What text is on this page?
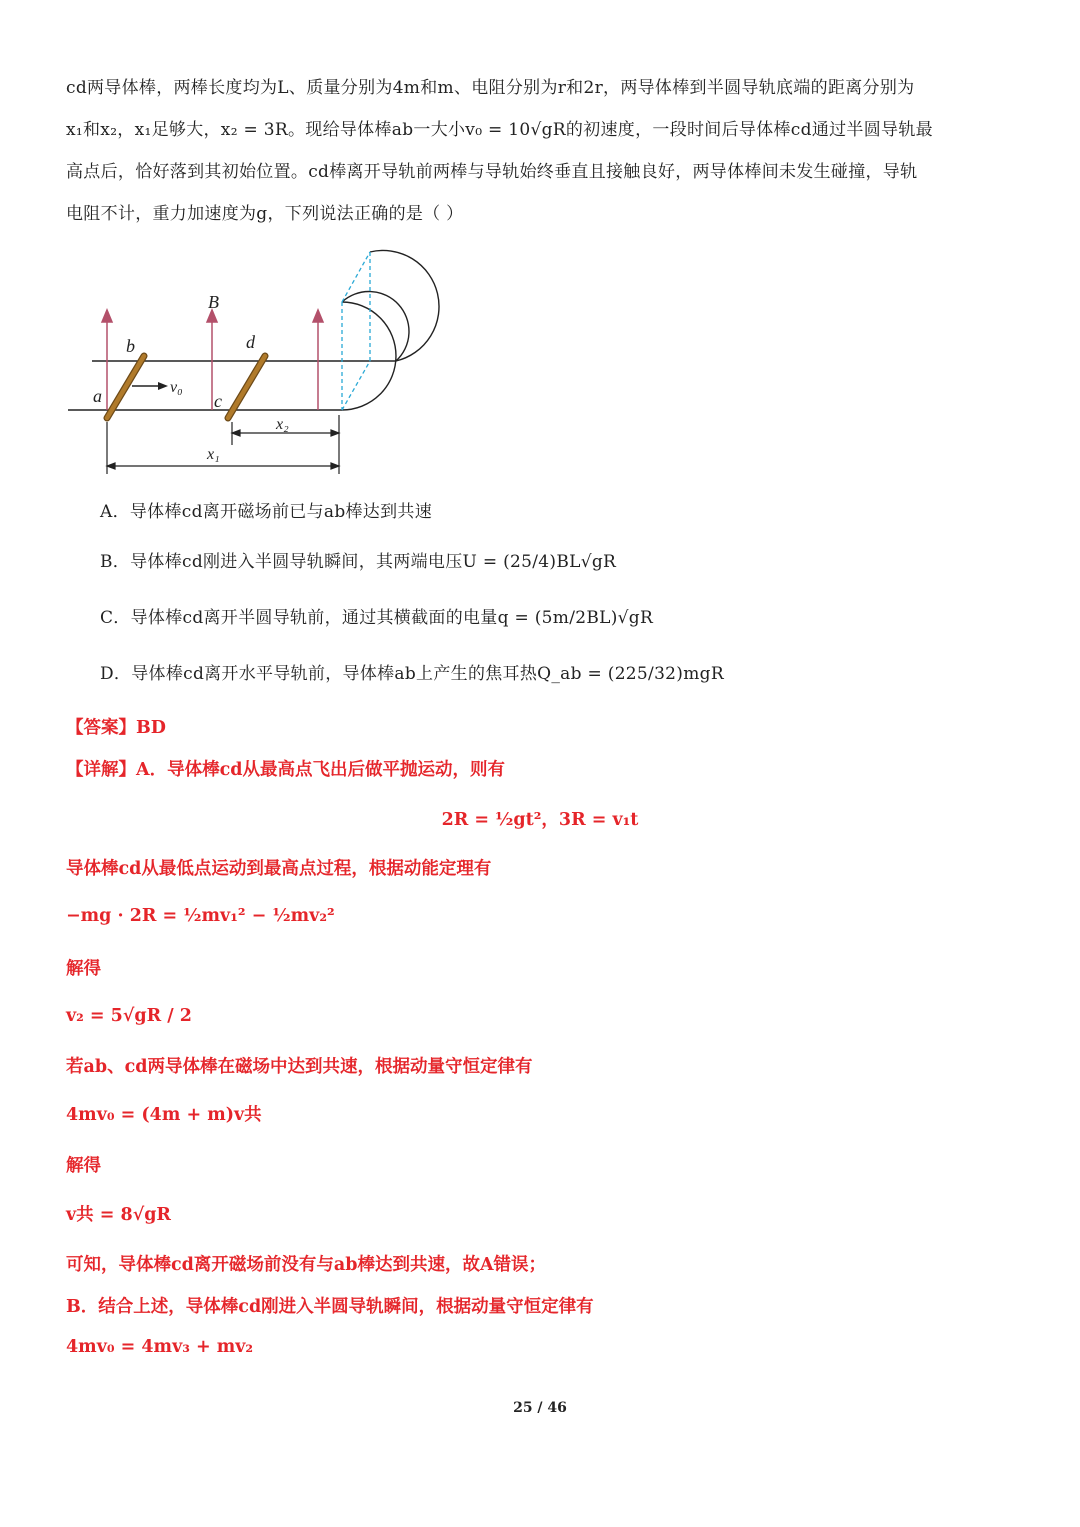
cd两导体棒，两棒长度均为L、质量分别为4m和m、电阻分别为r和2r，两导体棒到半圆导轨底端的距离分别为
x₁和x₂，x₁足够大，x₂ = 3R。现给导体棒ab一大小v₀ = 10√gR的初速度，一段时间后导体棒cd通过半圆导轨最
高点后，恰好落到其初始位置。cd棒离开导轨前两棒与导轨始终垂直且接触良好，两导体棒间未发生碰撞，导轨
电阻不计，重力加速度为g，下列说法正确的是（ ）
B
b	d
a	c
v₀
x₂
x₁
A．导体棒cd离开磁场前已与ab棒达到共速
B．导体棒cd刚进入半圆导轨瞬间，其两端电压U = (25/4)BL√gR
C．导体棒cd离开半圆导轨前，通过其横截面的电量q = (5m/2BL)√gR
D．导体棒cd离开水平导轨前，导体棒ab上产生的焦耳热Q_ab = (225/32)mgR
【答案】BD
【详解】A．导体棒cd从最高点飞出后做平抛运动，则有
2R = ½gt²，3R = v₁t
导体棒cd从最低点运动到最高点过程，根据动能定理有
−mg · 2R = ½mv₁² − ½mv₂²
解得
v₂ = 5√gR / 2
若ab、cd两导体棒在磁场中达到共速，根据动量守恒定律有
4mv₀ = (4m + m)v共
解得
v共 = 8√gR
可知，导体棒cd离开磁场前没有与ab棒达到共速，故A错误；
B．结合上述，导体棒cd刚进入半圆导轨瞬间，根据动量守恒定律有
4mv₀ = 4mv₃ + mv₂
25 / 46
